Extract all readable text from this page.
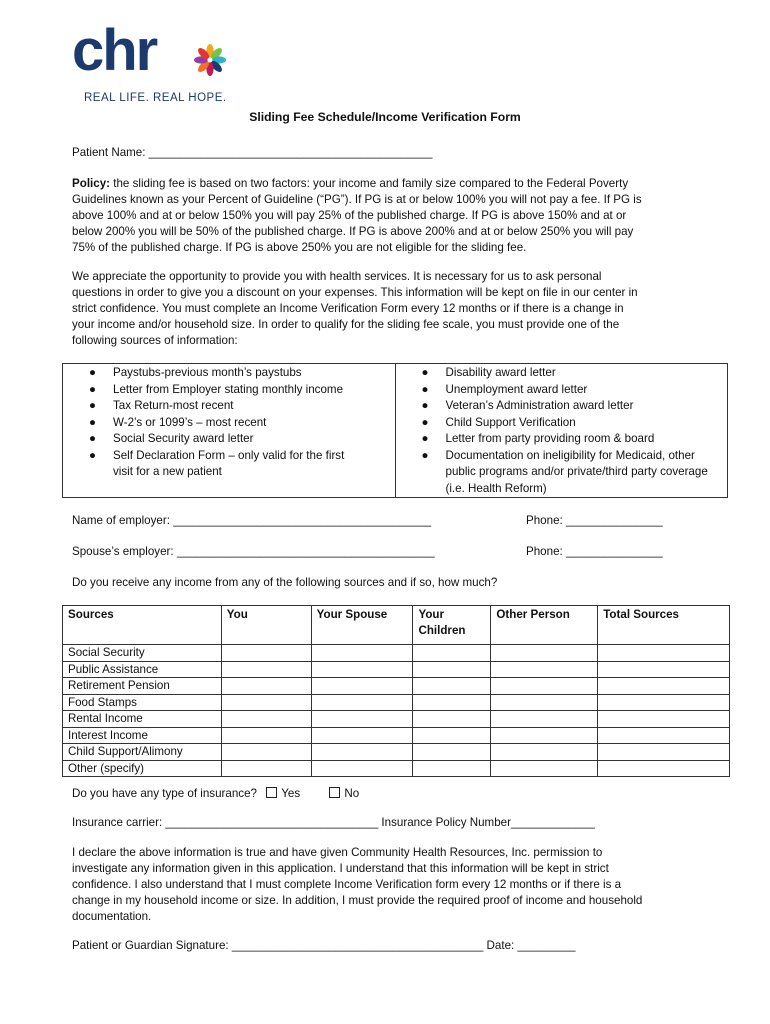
chr
REAL LIFE. REAL HOPE.
Sliding Fee Schedule/Income Verification Form
Patient Name: ____________________________________________
Policy: the sliding fee is based on two factors: your income and family size compared to the Federal Poverty
Guidelines known as your Percent of Guideline (“PG”). If PG is at or below 100% you will not pay a fee. If PG is
above 100% and at or below 150% you will pay 25% of the published charge. If PG is above 150% and at or
below 200% you will be 50% of the published charge. If PG is above 200% and at or below 250% you will pay
75% of the published charge. If PG is above 250% you are not eligible for the sliding fee.
We appreciate the opportunity to provide you with health services. It is necessary for us to ask personal
questions in order to give you a discount on your expenses. This information will be kept on file in our center in
strict confidence. You must complete an Income Verification Form every 12 months or if there is a change in
your income and/or household size. In order to qualify for the sliding fee scale, you must provide one of the
following sources of information:
● Paystubs-previous month’s paystubs
● Letter from Employer stating monthly income
● Tax Return-most recent
● W-2’s or 1099’s – most recent
● Social Security award letter
● Self Declaration Form – only valid for the first visit for a new patient

● Disability award letter
● Unemployment award letter
● Veteran’s Administration award letter
● Child Support Verification
● Letter from party providing room & board
● Documentation on ineligibility for Medicaid, other public programs and/or private/third party coverage (i.e. Health Reform)
Name of employer: ________________________________________	Phone: _______________
Spouse’s employer: ________________________________________	Phone: _______________
Do you receive any income from any of the following sources and if so, how much?
Sources	You	Your Spouse	Your Children	Other Person	Total Sources
Social Security					
Public Assistance					
Retirement Pension					
Food Stamps					
Rental Income					
Interest Income					
Child Support/Alimony					
Other (specify)					
Do you have any type of insurance? Yes	No
Insurance carrier: _________________________________ Insurance Policy Number_____________
I declare the above information is true and have given Community Health Resources, Inc. permission to
investigate any information given in this application. I understand that this information will be kept in strict
confidence. I also understand that I must complete Income Verification form every 12 months or if there is a
change in my household income or size. In addition, I must provide the required proof of income and household
documentation.
Patient or Guardian Signature: _______________________________________ Date: _________
